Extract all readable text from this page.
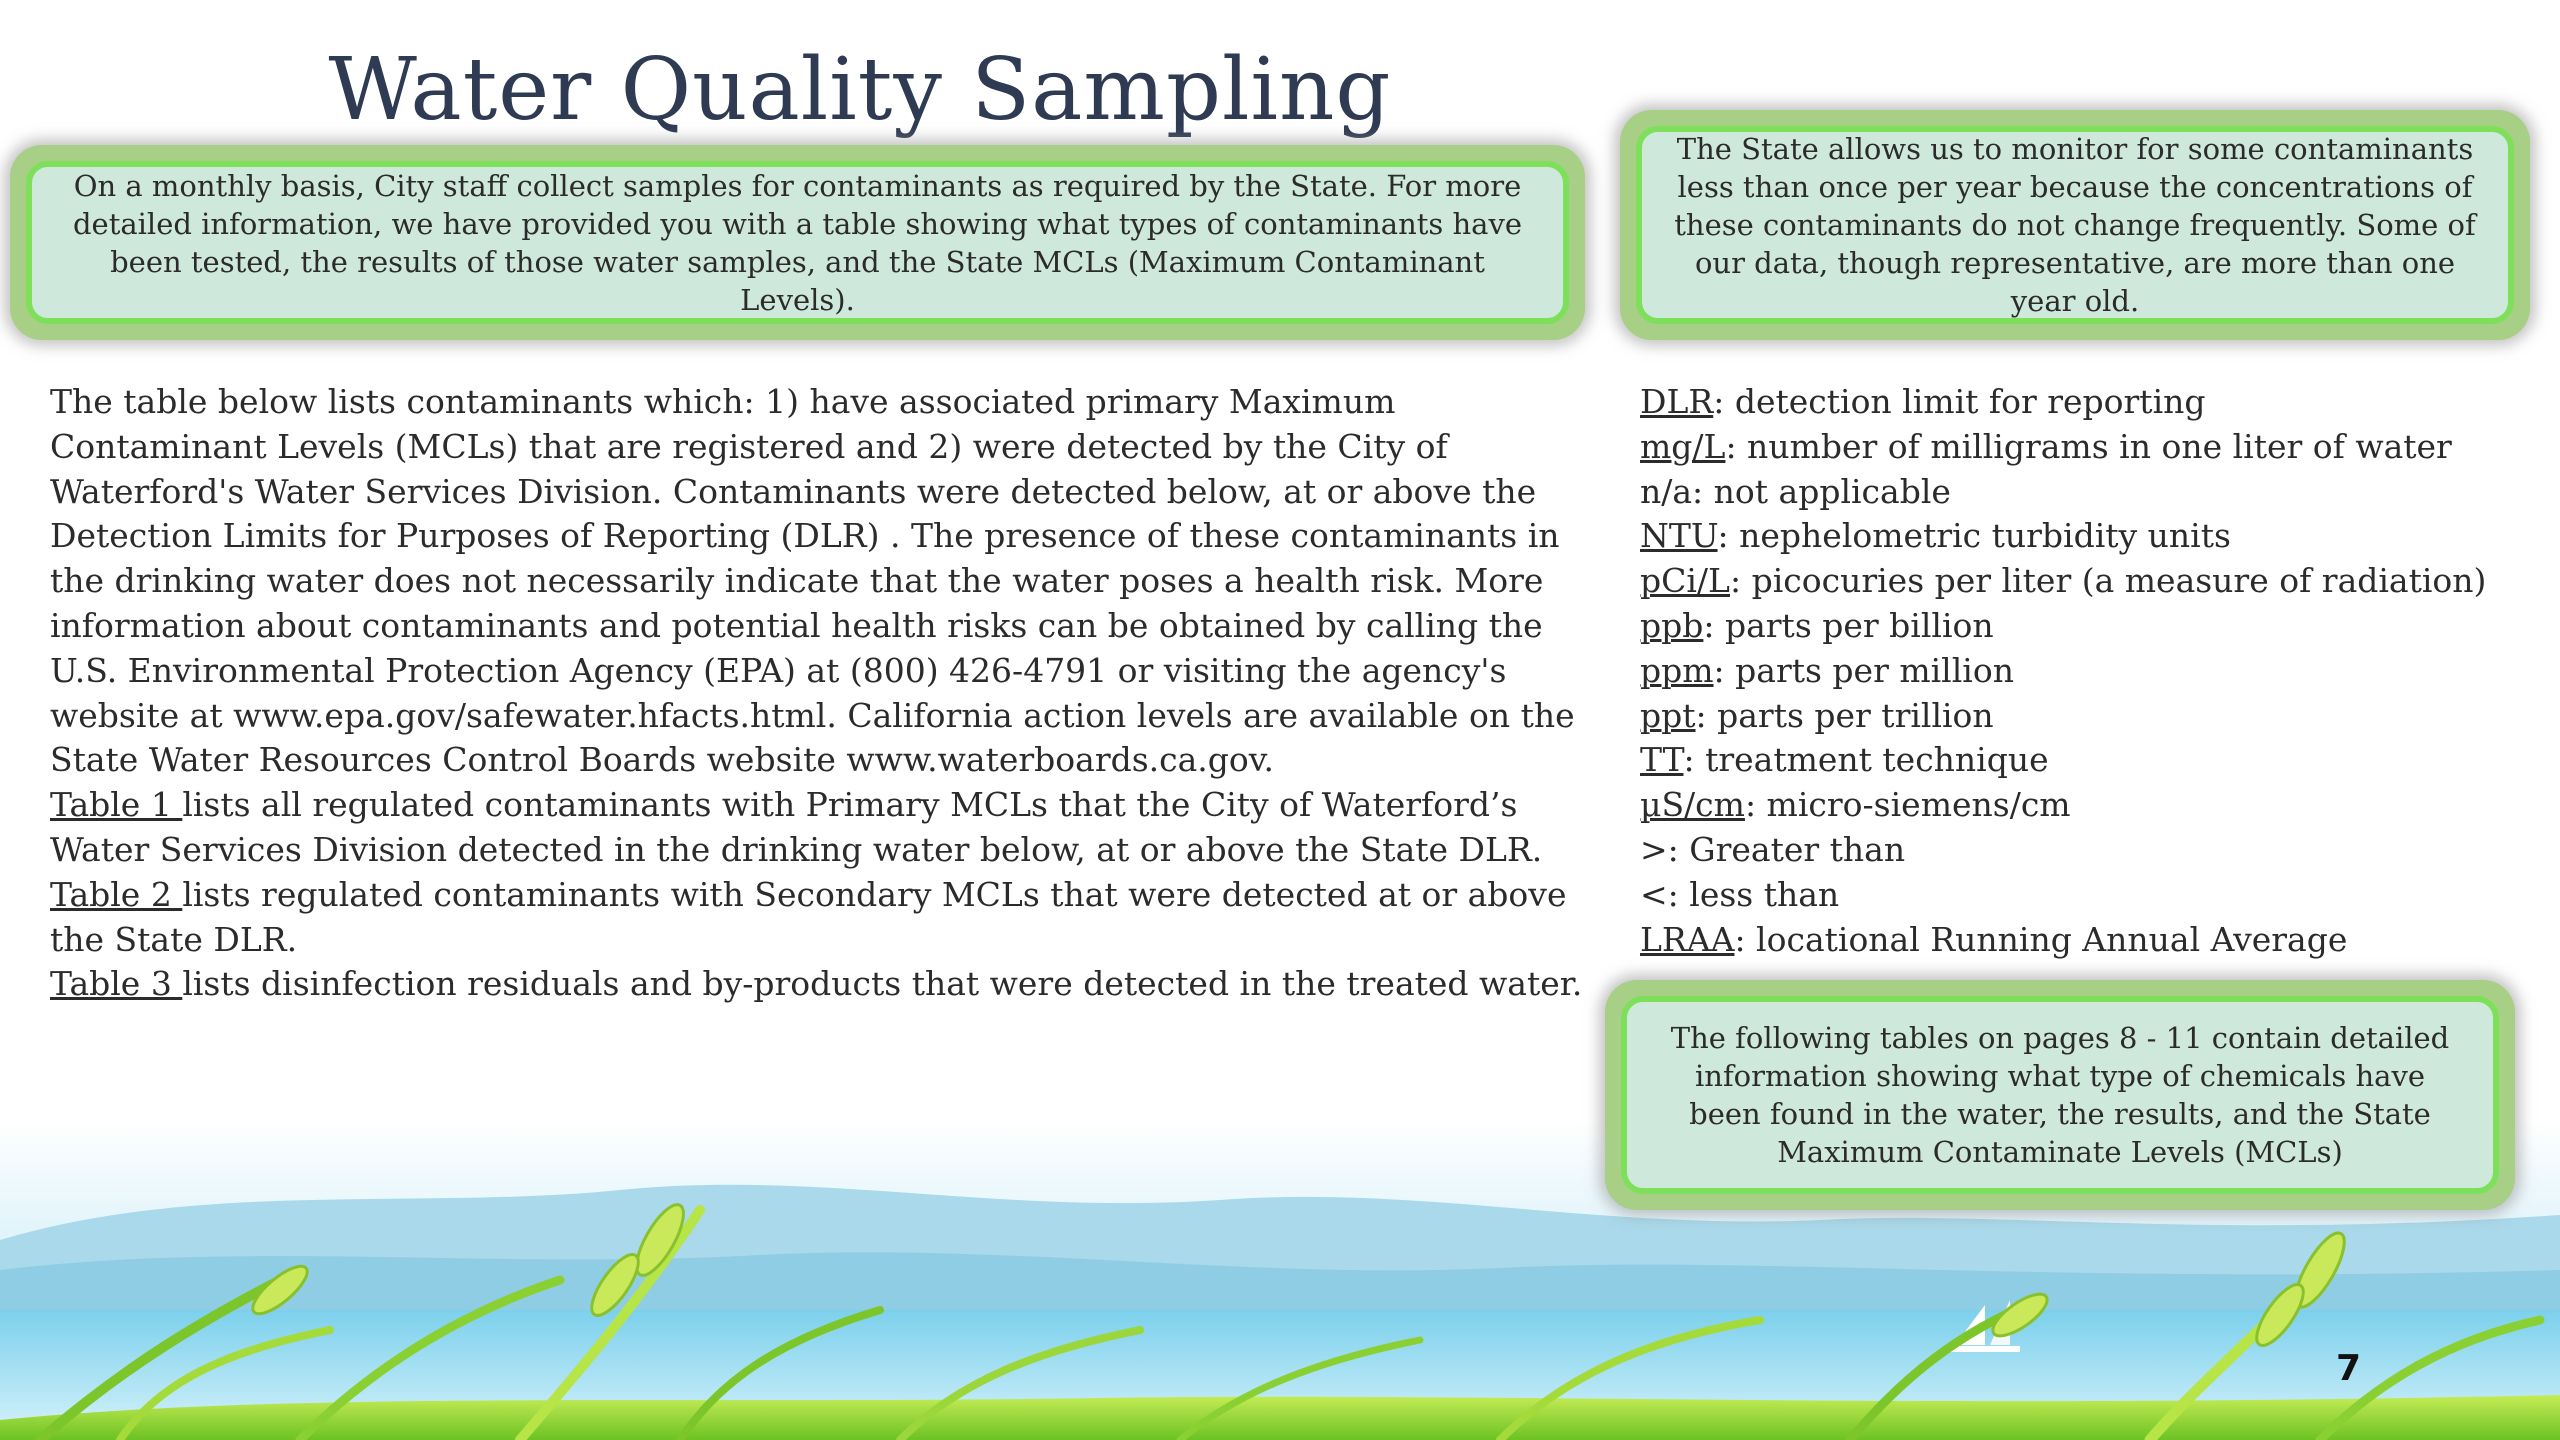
Water Quality Sampling
On a monthly basis, City staff collect samples for contaminants as required by the State. For more detailed information, we have provided you with a table showing what types of contaminants have been tested, the results of those water samples, and the State MCLs (Maximum Contaminant Levels).
The State allows us to monitor for some contaminants less than once per year because the concentrations of these contaminants do not change frequently. Some of our data, though representative, are more than one year old.

The table below lists contaminants which: 1) have associated primary Maximum Contaminant Levels (MCLs) that are registered and 2) were detected by the City of Waterford's Water Services Division. Contaminants were detected below, at or above the Detection Limits for Purposes of Reporting (DLR) . The presence of these contaminants in the drinking water does not necessarily indicate that the water poses a health risk. More information about contaminants and potential health risks can be obtained by calling the U.S. Environmental Protection Agency (EPA) at (800) 426-4791 or visiting the agency's website at www.epa.gov/safewater.hfacts.html. California action levels are available on the State Water Resources Control Boards website www.waterboards.ca.gov.

Table 1 lists all regulated contaminants with Primary MCLs that the City of Waterford’s Water Services Division detected in the drinking water below, at or above the State DLR.

Table 2 lists regulated contaminants with Secondary MCLs that were detected at or above the State DLR.

Table 3 lists disinfection residuals and by-products that were detected in the treated water.

DLR: detection limit for reporting
mg/L: number of milligrams in one liter of water
n/a: not applicable
NTU: nephelometric turbidity units
pCi/L: picocuries per liter (a measure of radiation)
ppb: parts per billion
ppm: parts per million
ppt: parts per trillion
TT: treatment technique
µS/cm: micro-siemens/cm
>: Greater than
<: less than
LRAA: locational Running Annual Average
The following tables on pages 8 - 11 contain detailed information showing what type of chemicals have been found in the water, the results, and the State Maximum Contaminate Levels (MCLs)
7
